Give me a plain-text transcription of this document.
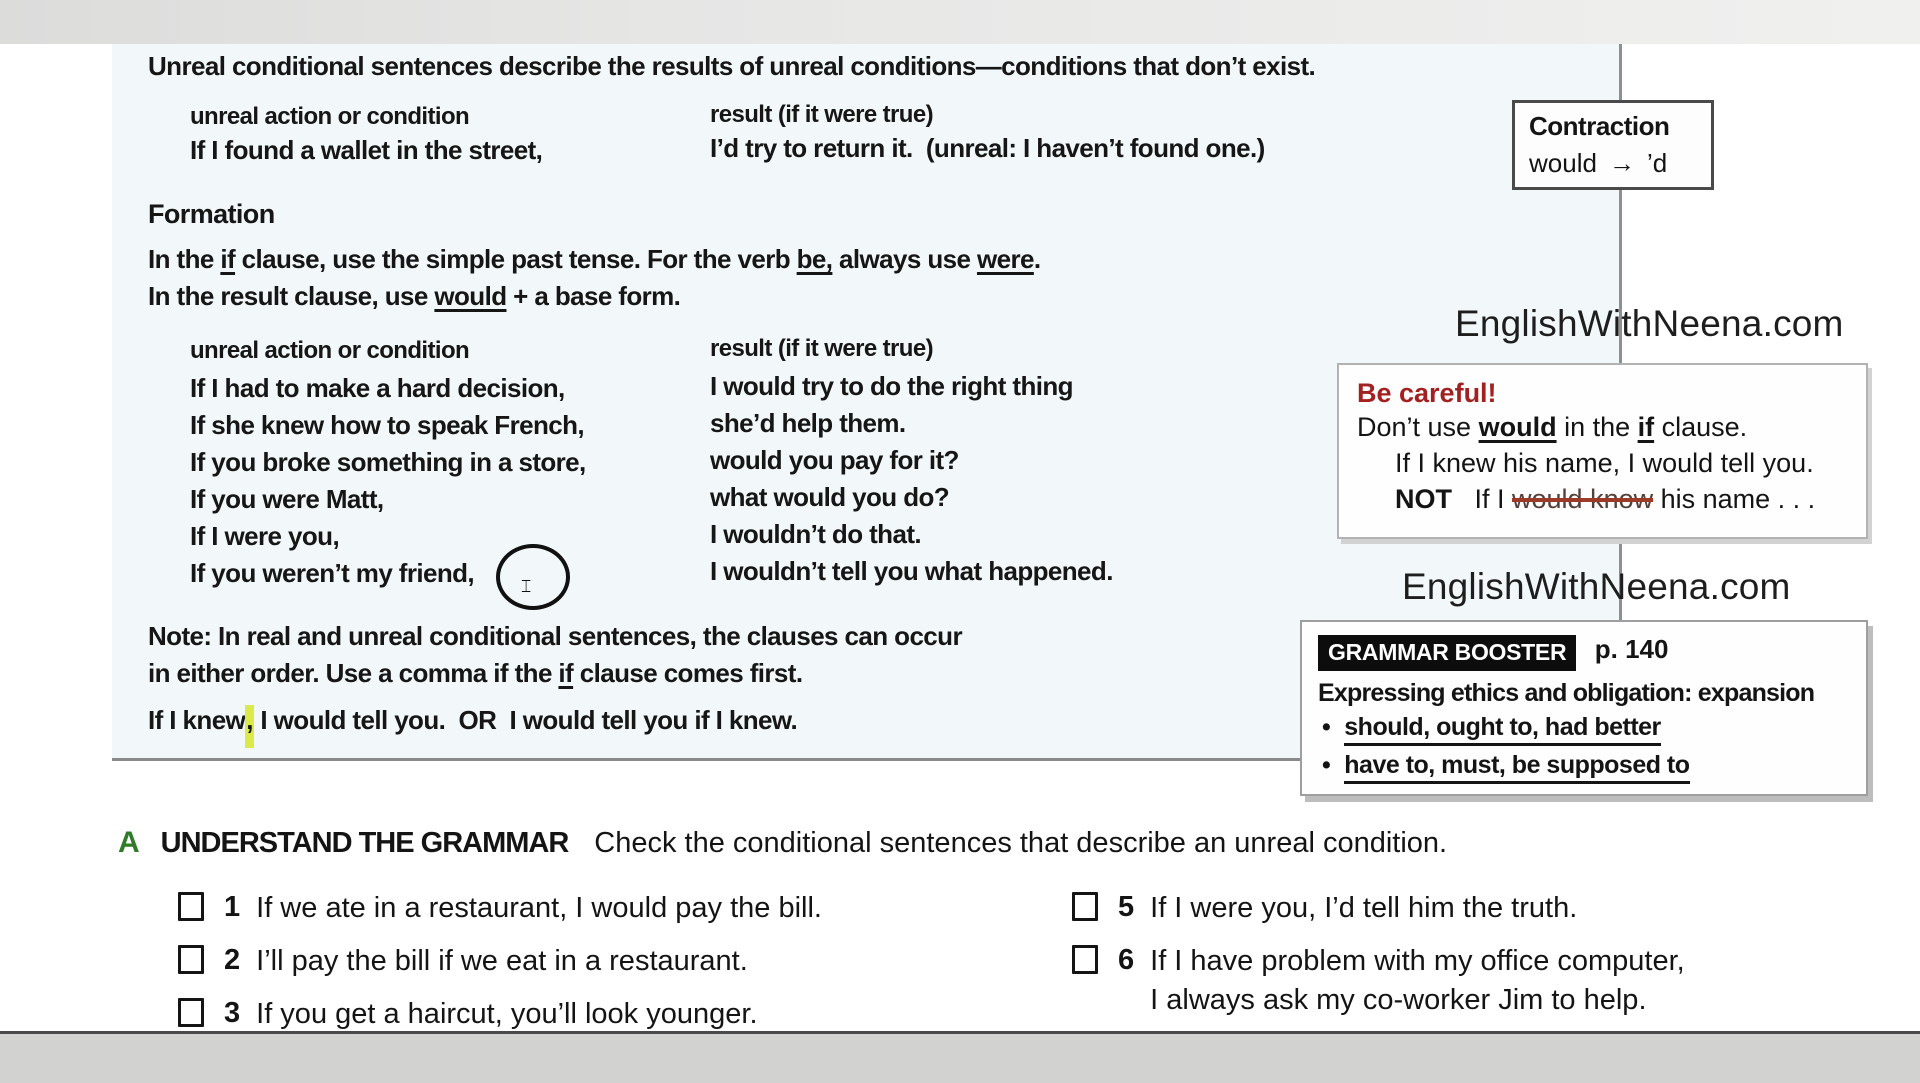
Unreal conditional sentences describe the results of unreal conditions—conditions that don’t exist.
unreal action or condition	result (if it were true)
If I found a wallet in the street,	I’d try to return it.  (unreal: I haven’t found one.)
Contraction
would → ’d
Formation
In the if clause, use the simple past tense. For the verb be, always use were.
In the result clause, use would + a base form.
unreal action or condition	result (if it were true)
If I had to make a hard decision,	I would try to do the right thing
If she knew how to speak French,	she’d help them.
If you broke something in a store,	would you pay for it?
If you were Matt,	what would you do?
If I were you,	I wouldn’t do that.
If you weren’t my friend,	I wouldn’t tell you what happened.
⌶
Note: In real and unreal conditional sentences, the clauses can occur
in either order. Use a comma if the if clause comes first.
If I knew, I would tell you.  OR  I would tell you if I knew.
EnglishWithNeena.com
EnglishWithNeena.com
Be careful!
Don’t use would in the if clause.
If I knew his name, I would tell you.
NOT   If I would know his name . . .
GRAMMAR BOOSTER p. 140
Expressing ethics and obligation: expansion
• should, ought to, had better
• have to, must, be supposed to
A UNDERSTAND THE GRAMMAR Check the conditional sentences that describe an unreal condition.
1 If we ate in a restaurant, I would pay the bill.
2 I’ll pay the bill if we eat in a restaurant.
3 If you get a haircut, you’ll look younger.
5 If I were you, I’d tell him the truth.
6 If I have problem with my office computer,
I always ask my co-worker Jim to help.
